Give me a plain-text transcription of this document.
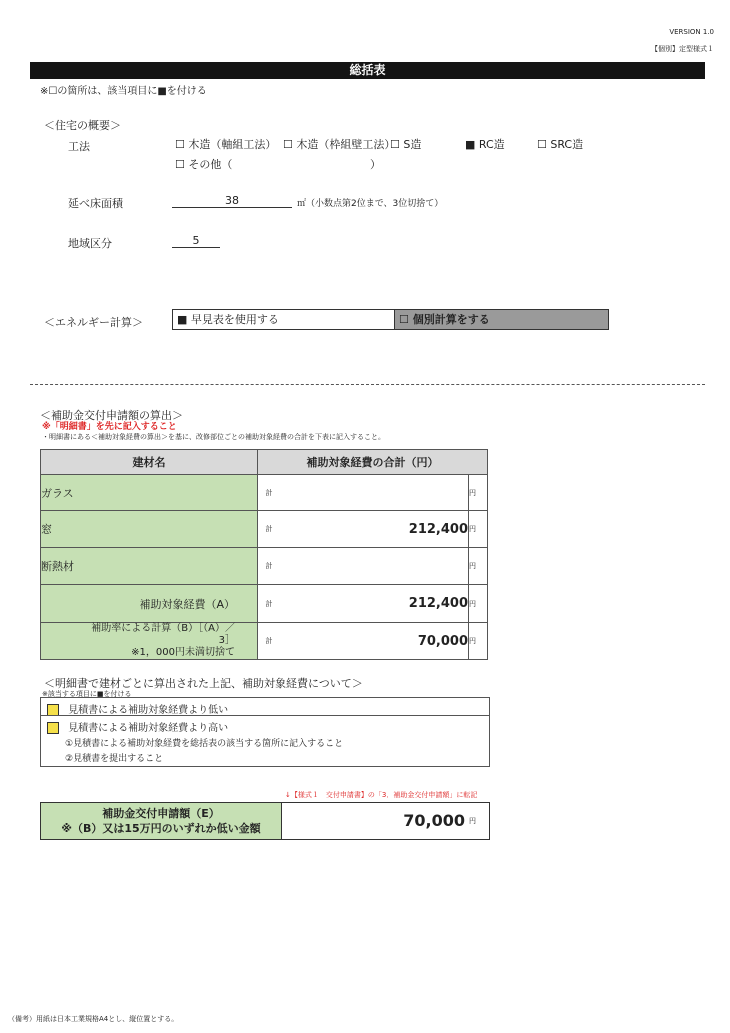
VERSION 1.0
【個別】定型様式１
総括表
※☐の箇所は、該当項目に■を付ける
＜住宅の概要＞
工法	☐ 木造（軸組工法） ☐ 木造（枠組壁工法）
☐ S造	■ RC造	☐ SRC造
☐ その他（	）
延べ床面積	38	㎡（小数点第2位まで、3位切捨て）
地域区分	5
＜エネルギー計算＞	■ 早見表を使用する	☐ 個別計算をする
＜補助金交付申請額の算出＞
※「明細書」を先に記入すること
・明細書にある＜補助対象経費の算出＞を基に、改修部位ごとの補助対象経費の合計を下表に記入すること。
建材名	補助対象経費の合計（円）		
ガラス	計		円
窓	計	212,400	円
断熱材	計		円
補助対象経費（A）	計	212,400	円

補助率による計算（B）［（A）／
3］
※1，000円未満切捨て	計	70,000	円
＜明細書で建材ごとに算出された上記、補助対象経費について＞
※該当する項目に■を付ける
見積書による補助対象経費より低い
見積書による補助対象経費より高い
①見積書による補助対象経費を総括表の該当する箇所に記入すること
②見積書を提出すること
↓【様式１　交付申請書】の「3．補助金交付申請額」に転記
補助金交付申請額（E）
※（B）又は15万円のいずれか低い金額	70,000 円
（備考）用紙は日本工業規格A4とし、縦位置とする。
